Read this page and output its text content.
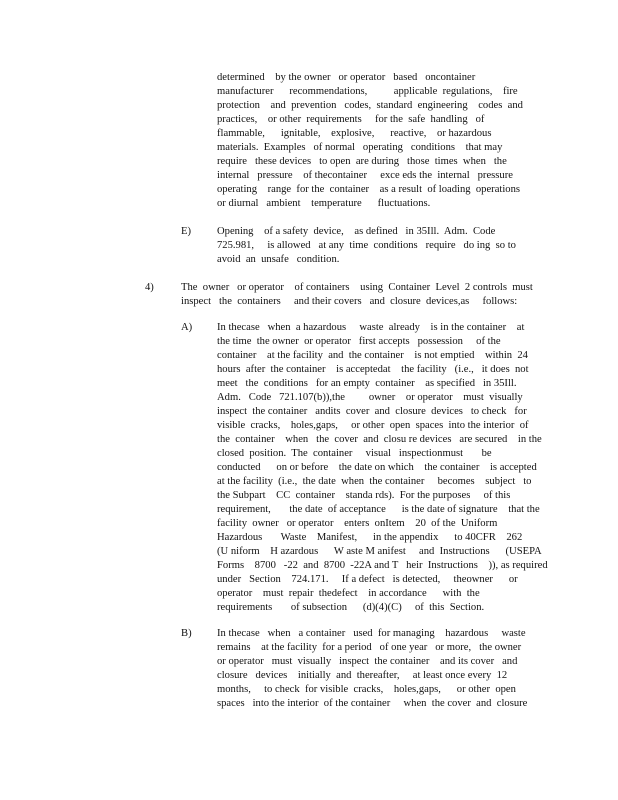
determined    by the owner   or operator   based   oncontainer
manufacturer      recommendations,          applicable  regulations,    fire
protection    and  prevention   codes,  standard  engineering    codes  and
practices,    or other  requirements     for the  safe  handling   of
flammable,      ignitable,    explosive,      reactive,    or hazardous
materials.  Examples   of normal   operating   conditions    that may
require   these devices   to open  are during   those  times  when   the
internal   pressure    of thecontainer     exce eds the  internal   pressure
operating    range  for the  container    as a result  of loading  operations
or diurnal   ambient    temperature      fluctuations.
E) Opening    of a safety  device,    as defined   in 35Ill.  Adm.  Code
725.981,     is allowed   at any  time  conditions   require   do ing  so to
avoid  an  unsafe   condition.
4)	The  owner   or operator    of containers    using  Container  Level  2 controls  must
inspect   the  containers     and their covers   and  closure  devices,as     follows:
A) In thecase   when  a hazardous     waste  already    is in the container    at
the time  the owner  or operator   first accepts   possession     of the
container    at the facility  and  the container    is not emptied    within  24
hours  after  the container    is acceptedat    the facility   (i.e.,   it does  not
meet   the  conditions   for an empty  container    as specified   in 35Ill.
Adm.   Code   721.107(b)),the         owner    or operator    must  visually
inspect  the container   andits  cover  and  closure  devices   to check   for
visible  cracks,    holes,gaps,     or other  open  spaces  into the interior  of
the  container    when   the  cover  and  closu re devices   are secured    in the
closed  position.  The  container     visual   inspectionmust       be
conducted      on or before    the date on which    the container    is accepted
at the facility  (i.e.,  the date  when  the container     becomes    subject   to
the Subpart    CC  container    standa rds).  For the purposes     of this
requirement,       the date  of acceptance      is the date of signature    that the
facility  owner   or operator    enters  onItem    20  of the  Uniform
Hazardous       Waste    Manifest,      in the appendix      to 40CFR    262
(U niform    H azardous      W aste M anifest     and  Instructions      (USEPA
Forms    8700   -22  and  8700  -22A and T   heir  Instructions    )), as required
under   Section    724.171.     If a defect   is detected,     theowner      or
operator    must  repair  thedefect    in accordance      with  the
requirements       of subsection      (d)(4)(C)     of  this  Section.
B) In thecase   when   a container   used  for managing    hazardous     waste
remains    at the facility  for a period   of one year   or more,   the owner
or operator   must  visually   inspect  the container    and its cover   and
closure   devices    initially  and  thereafter,     at least once every  12
months,     to check  for visible  cracks,    holes,gaps,      or other  open
spaces   into the interior  of the container     when  the cover  and  closure
